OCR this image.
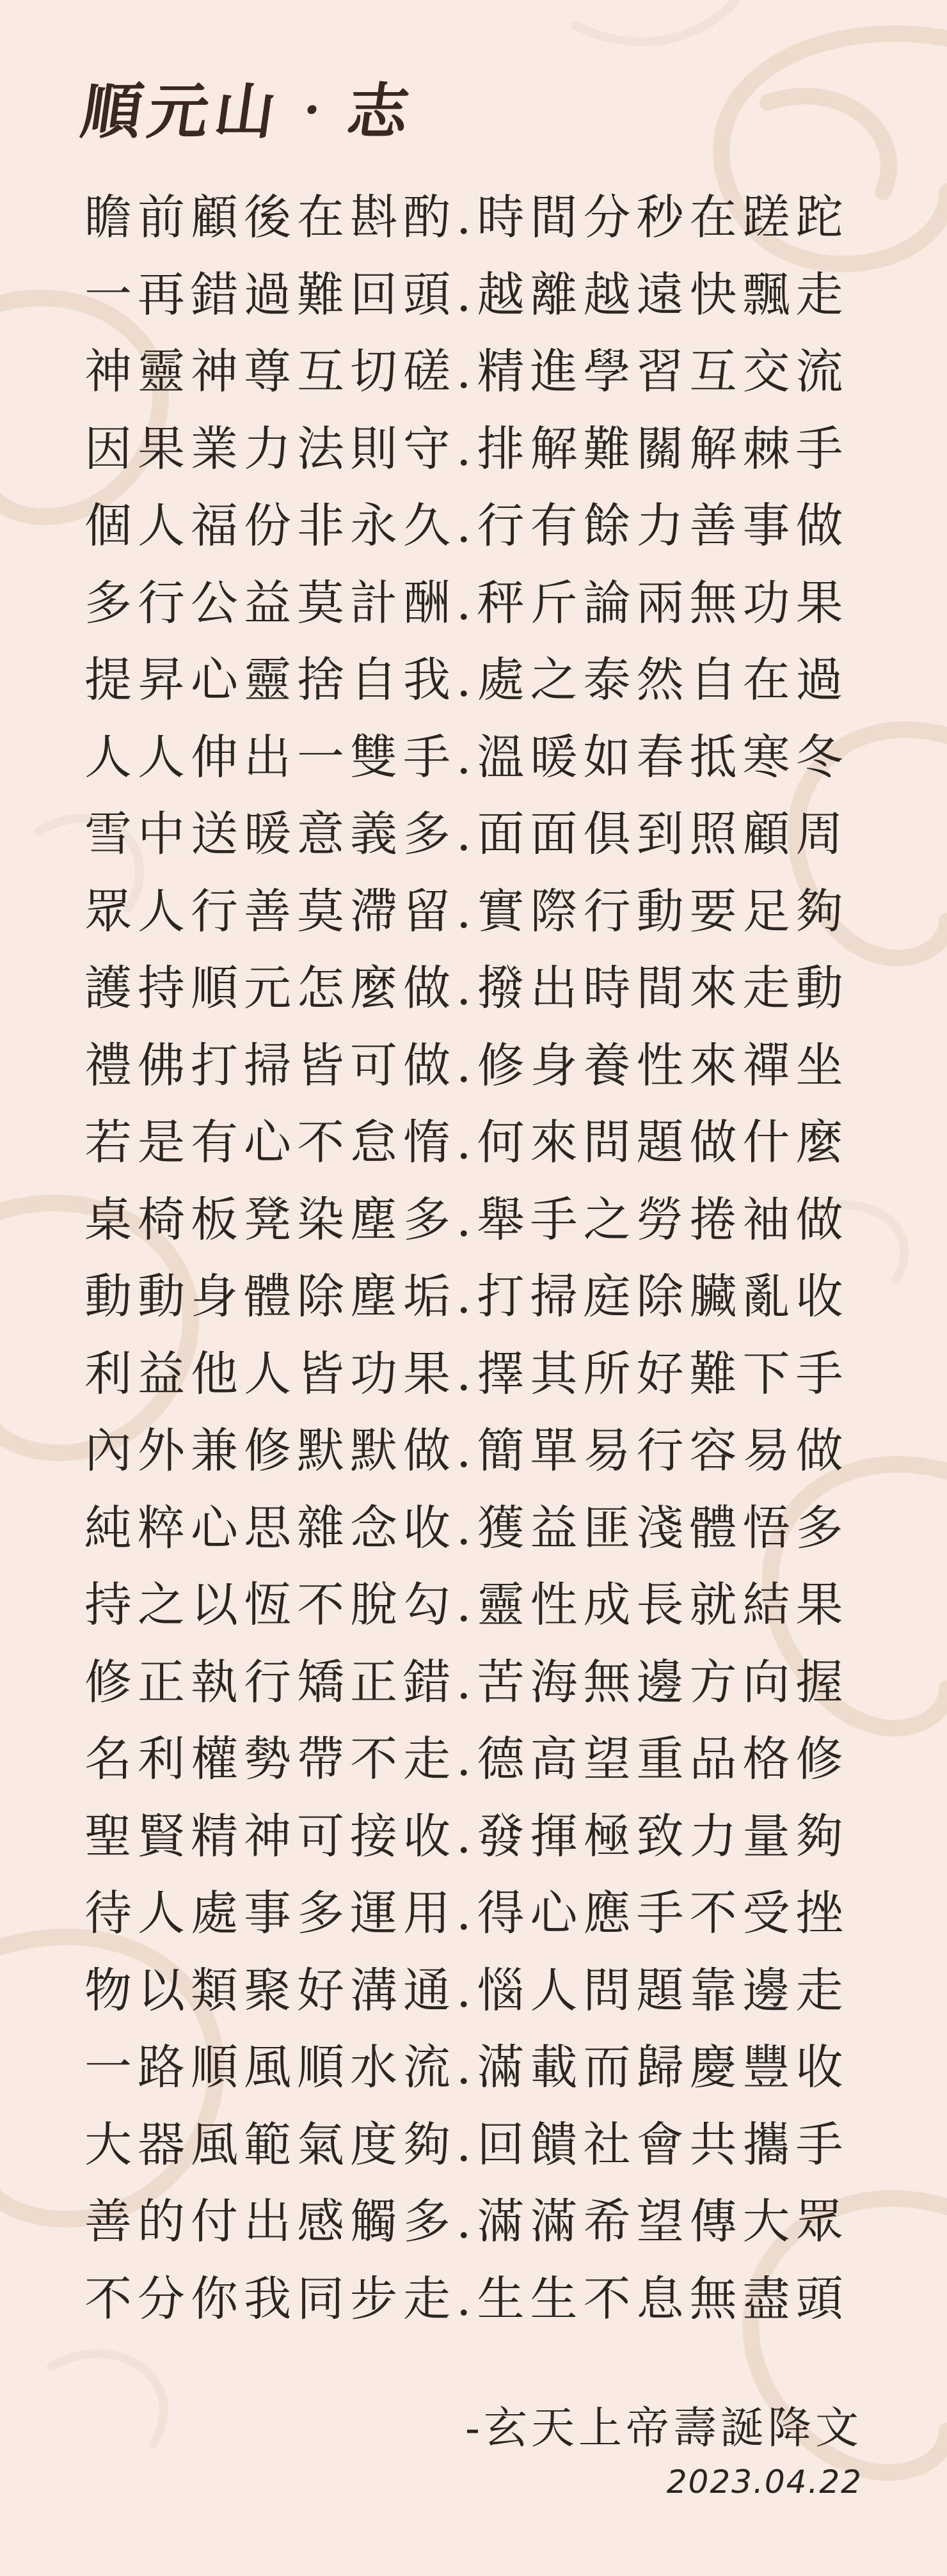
順元山‧志
瞻前顧後在斟酌.時間分秒在蹉跎
一再錯過難回頭.越離越遠快飄走
神靈神尊互切磋.精進學習互交流
因果業力法則守.排解難關解棘手
個人福份非永久.行有餘力善事做
多行公益莫計酬.秤斤論兩無功果
提昇心靈捨自我.處之泰然自在過
人人伸出一雙手.溫暖如春抵寒冬
雪中送暖意義多.面面俱到照顧周
眾人行善莫滯留.實際行動要足夠
護持順元怎麼做.撥出時間來走動
禮佛打掃皆可做.修身養性來禪坐
若是有心不怠惰.何來問題做什麼
桌椅板凳染塵多.舉手之勞捲袖做
動動身體除塵垢.打掃庭除臟亂收
利益他人皆功果.擇其所好難下手
內外兼修默默做.簡單易行容易做
純粹心思雜念收.獲益匪淺體悟多
持之以恆不脫勾.靈性成長就結果
修正執行矯正錯.苦海無邊方向握
名利權勢帶不走.德高望重品格修
聖賢精神可接收.發揮極致力量夠
待人處事多運用.得心應手不受挫
物以類聚好溝通.惱人問題靠邊走
一路順風順水流.滿載而歸慶豐收
大器風範氣度夠.回饋社會共攜手
善的付出感觸多.滿滿希望傳大眾
不分你我同步走.生生不息無盡頭
-玄天上帝壽誕降文
2023.04.22
